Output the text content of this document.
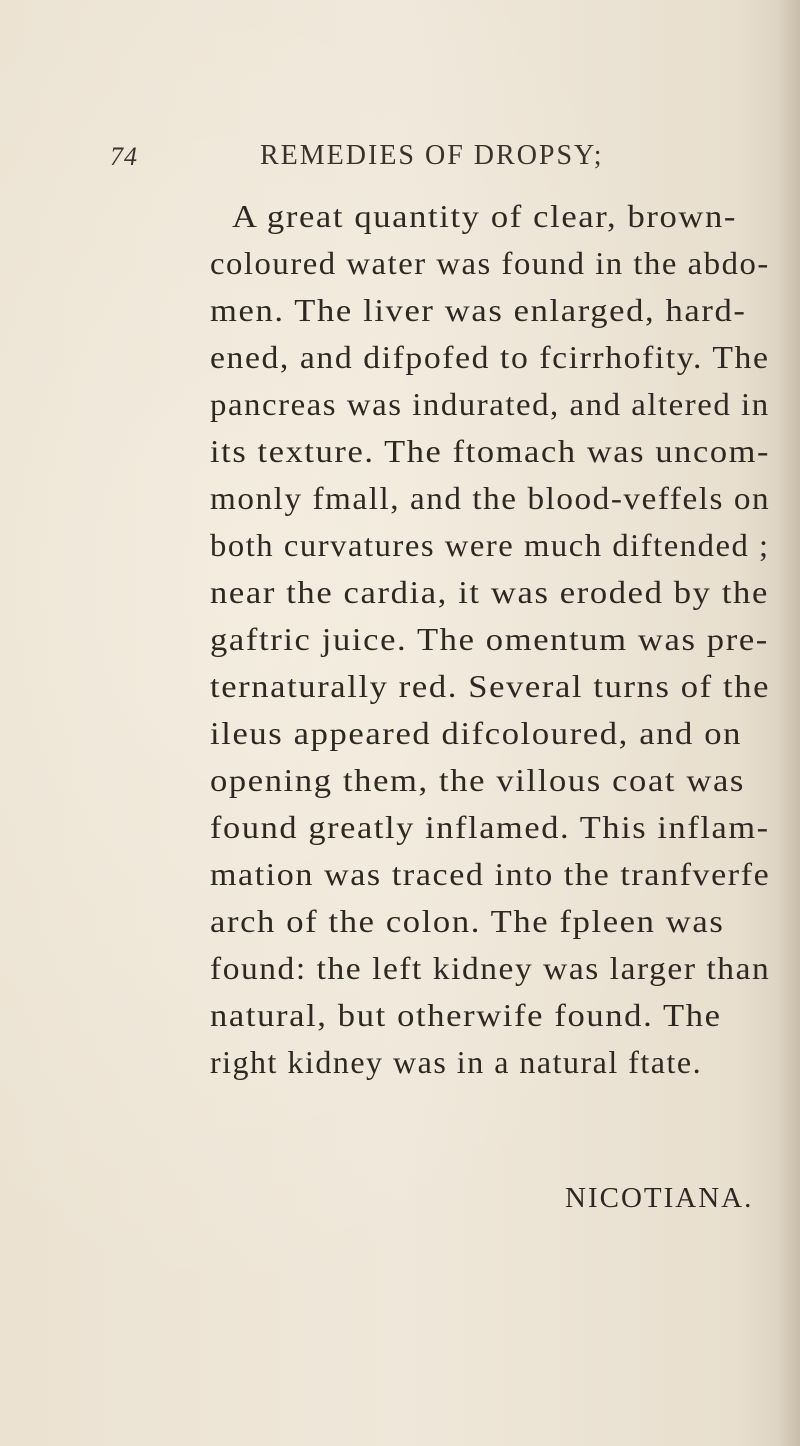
74	REMEDIES OF DROPSY;
A great quantity of clear, brown-
coloured water was found in the abdo-
men. The liver was enlarged, hard-
ened, and difpofed to fcirrhofity. The
pancreas was indurated, and altered in
its texture. The ftomach was uncom-
monly fmall, and the blood-veffels on
both curvatures were much diftended ;
near the cardia, it was eroded by the
gaftric juice. The omentum was pre-
ternaturally red. Several turns of the
ileus appeared difcoloured, and on
opening them, the villous coat was
found greatly inflamed. This inflam-
mation was traced into the tranfverfe
arch of the colon. The fpleen was
found: the left kidney was larger than
natural, but otherwife found. The
right kidney was in a natural ftate.
NICOTIANA.
